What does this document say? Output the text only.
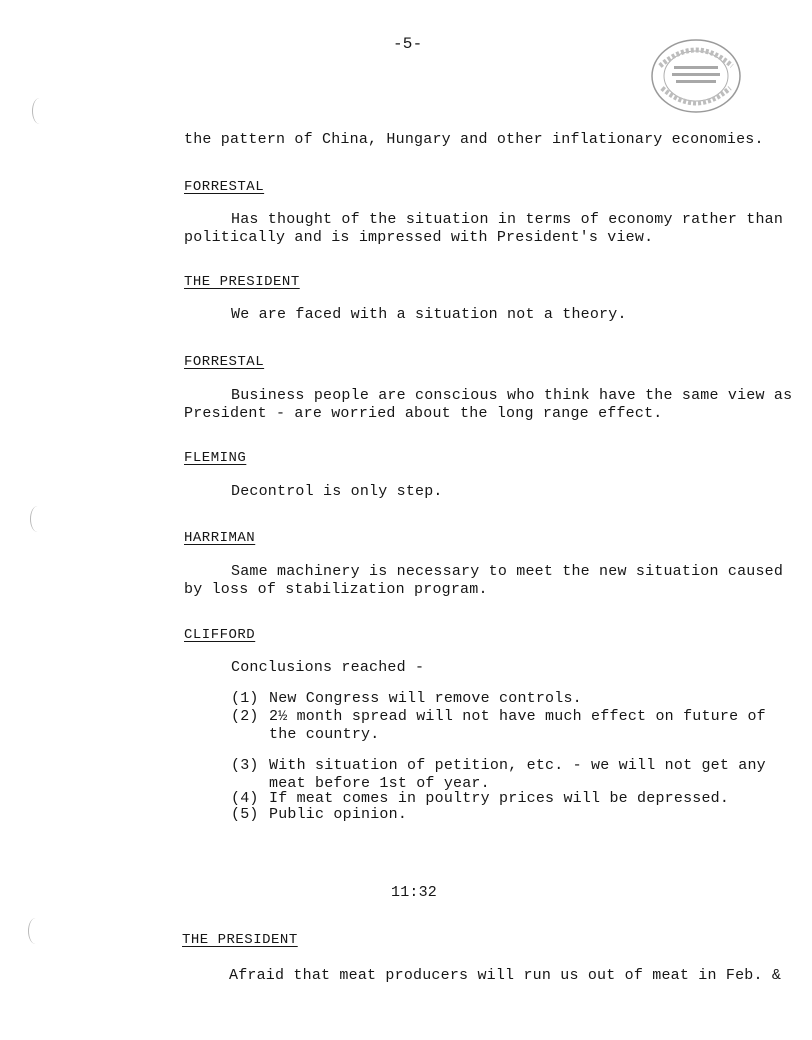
-5-
the pattern of China, Hungary and other inflationary economies.
FORRESTAL
Has thought of the situation in terms of economy rather than
politically and is impressed with President's view.
THE PRESIDENT
We are faced with a situation not a theory.
FORRESTAL
Business people are conscious who think have the same view as
President - are worried about the long range effect.
FLEMING
Decontrol is only step.
HARRIMAN
Same machinery is necessary to meet the new situation caused
by loss of stabilization program.
CLIFFORD
Conclusions reached -
(1) New Congress will remove controls.
(2) 2½ month spread will not have much effect on future of
the country.
(3) With situation of petition, etc. - we will not get any
meat before 1st of year.
(4) If meat comes in poultry prices will be depressed.
(5) Public opinion.
11:32
THE PRESIDENT
Afraid that meat producers will run us out of meat in Feb. &
